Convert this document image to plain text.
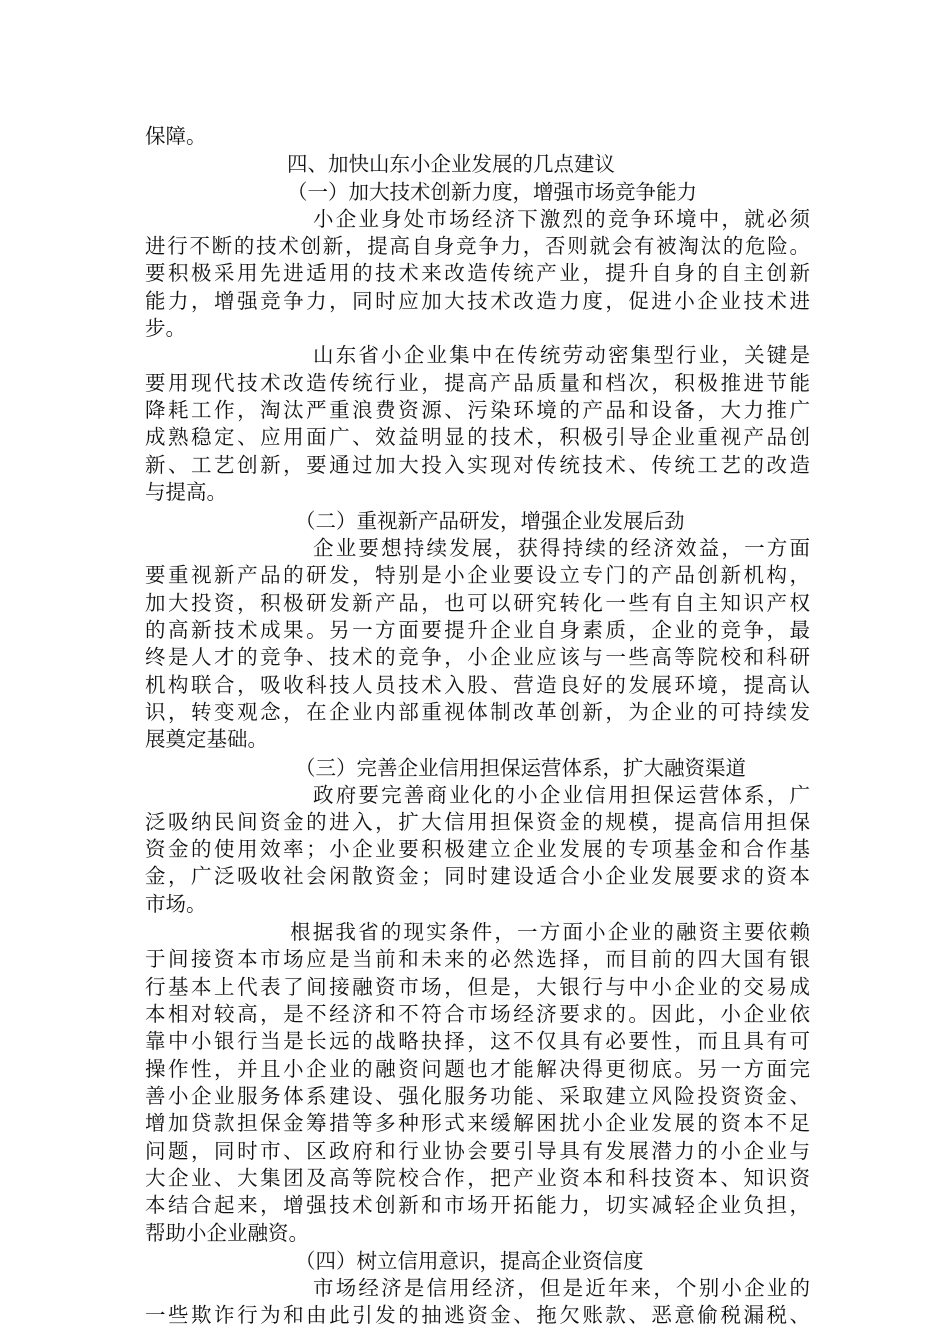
保障。
四、加快山东小企业发展的几点建议
（一）加大技术创新力度，增强市场竞争能力
小企业身处市场经济下激烈的竞争环境中，就必须
进行不断的技术创新，提高自身竞争力，否则就会有被淘汰的危险。
要积极采用先进适用的技术来改造传统产业，提升自身的自主创新
能力，增强竞争力，同时应加大技术改造力度，促进小企业技术进
步。
山东省小企业集中在传统劳动密集型行业，关键是
要用现代技术改造传统行业，提高产品质量和档次，积极推进节能
降耗工作，淘汰严重浪费资源、污染环境的产品和设备，大力推广
成熟稳定、应用面广、效益明显的技术，积极引导企业重视产品创
新、工艺创新，要通过加大投入实现对传统技术、传统工艺的改造
与提高。
（二）重视新产品研发，增强企业发展后劲
企业要想持续发展，获得持续的经济效益，一方面
要重视新产品的研发，特别是小企业要设立专门的产品创新机构，
加大投资，积极研发新产品，也可以研究转化一些有自主知识产权
的高新技术成果。另一方面要提升企业自身素质，企业的竞争，最
终是人才的竞争、技术的竞争，小企业应该与一些高等院校和科研
机构联合，吸收科技人员技术入股、营造良好的发展环境，提高认
识，转变观念，在企业内部重视体制改革创新，为企业的可持续发
展奠定基础。
（三）完善企业信用担保运营体系，扩大融资渠道
政府要完善商业化的小企业信用担保运营体系，广
泛吸纳民间资金的进入，扩大信用担保资金的规模，提高信用担保
资金的使用效率；小企业要积极建立企业发展的专项基金和合作基
金，广泛吸收社会闲散资金；同时建设适合小企业发展要求的资本
市场。
根据我省的现实条件，一方面小企业的融资主要依赖
于间接资本市场应是当前和未来的必然选择，而目前的四大国有银
行基本上代表了间接融资市场，但是，大银行与中小企业的交易成
本相对较高，是不经济和不符合市场经济要求的。因此，小企业依
靠中小银行当是长远的战略抉择，这不仅具有必要性，而且具有可
操作性，并且小企业的融资问题也才能解决得更彻底。另一方面完
善小企业服务体系建设、强化服务功能、采取建立风险投资资金、
增加贷款担保金筹措等多种形式来缓解困扰小企业发展的资本不足
问题，同时市、区政府和行业协会要引导具有发展潜力的小企业与
大企业、大集团及高等院校合作，把产业资本和科技资本、知识资
本结合起来，增强技术创新和市场开拓能力，切实减轻企业负担，
帮助小企业融资。
（四）树立信用意识，提高企业资信度
市场经济是信用经济，但是近年来，个别小企业的
一些欺诈行为和由此引发的抽逃资金、拖欠账款、恶意偷税漏税、
